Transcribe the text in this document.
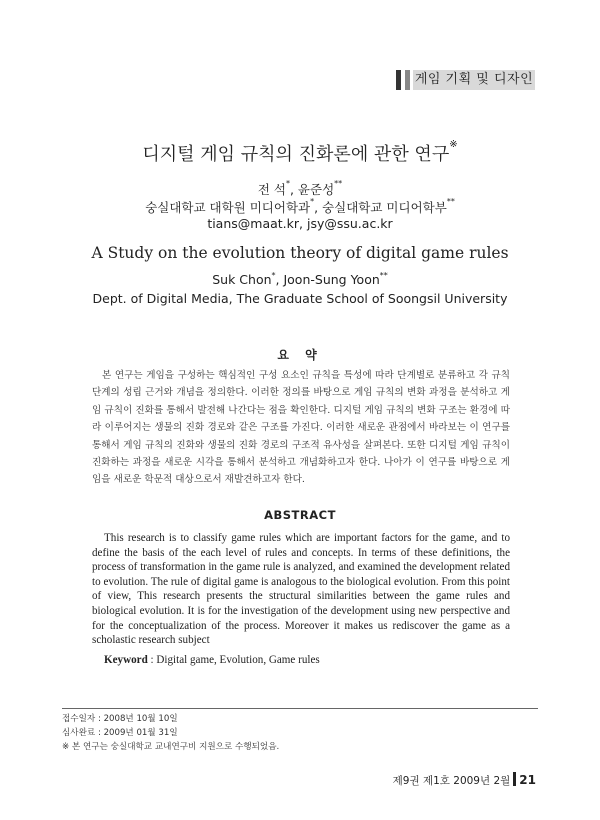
게임 기획 및 디자인
디지털 게임 규칙의 진화론에 관한 연구※
전 석*, 윤준성**
숭실대학교 대학원 미디어학과*, 숭실대학교 미디어학부**
tians@maat.kr, jsy@ssu.ac.kr
A Study on the evolution theory of digital game rules
Suk Chon*, Joon-Sung Yoon**
Dept. of Digital Media, The Graduate School of Soongsil University
요 약
본 연구는 게임을 구성하는 핵심적인 구성 요소인 규칙을 특성에 따라 단계별로 분류하고 각 규칙 단계의 성립 근거와 개념을 정의한다. 이러한 정의를 바탕으로 게임 규칙의 변화 과정을 분석하고 게임 규칙이 진화를 통해서 발전해 나간다는 점을 확인한다. 디지털 게임 규칙의 변화 구조는 환경에 따라 이루어지는 생물의 진화 경로와 같은 구조를 가진다. 이러한 새로운 관점에서 바라보는 이 연구를 통해서 게임 규칙의 진화와 생물의 진화 경로의 구조적 유사성을 살펴본다. 또한 디지털 게임 규칙이 진화하는 과정을 새로운 시각을 통해서 분석하고 개념화하고자 한다. 나아가 이 연구를 바탕으로 게임을 새로운 학문적 대상으로서 재발견하고자 한다.
ABSTRACT
This research is to classify game rules which are important factors for the game, and to define the basis of the each level of rules and concepts. In terms of these definitions, the process of transformation in the game rule is analyzed, and examined the development related to evolution. The rule of digital game is analogous to the biological evolution. From this point of view, This research presents the structural similarities between the game rules and biological evolution. It is for the investigation of the development using new perspective and for the conceptualization of the process. Moreover it makes us rediscover the game as a scholastic research subject
Keyword : Digital game, Evolution, Game rules
접수일자 : 2008년 10월 10일
심사완료 : 2009년 01월 31일
※ 본 연구는 숭실대학교 교내연구비 지원으로 수행되었음.
제9권 제1호 2009년 2월 21
